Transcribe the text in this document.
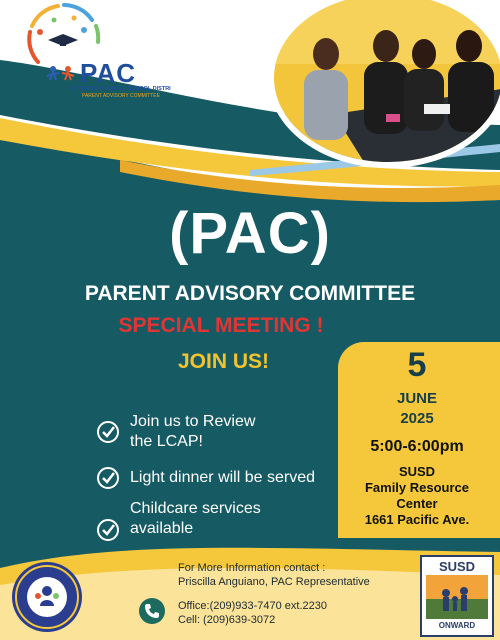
PAC
STOCKTON UNIFIED SCHOOL DISTRI
PARENT ADVISORY COMMITTEE
(PAC)
PARENT ADVISORY COMMITTEE
SPECIAL MEETING !
JOIN US!	5
JUNE
2025
5:00-6:00pm
SUSD
Family Resource
Center
1661 Pacific Ave.
Join us to Review
the LCAP!
Light dinner will be served
Childcare services
available
For More Information contact :
Priscilla Anguiano, PAC Representative
Office:(209)933-7470 ext.2230
Cell: (209)639-3072
SUSD
ONWARD
